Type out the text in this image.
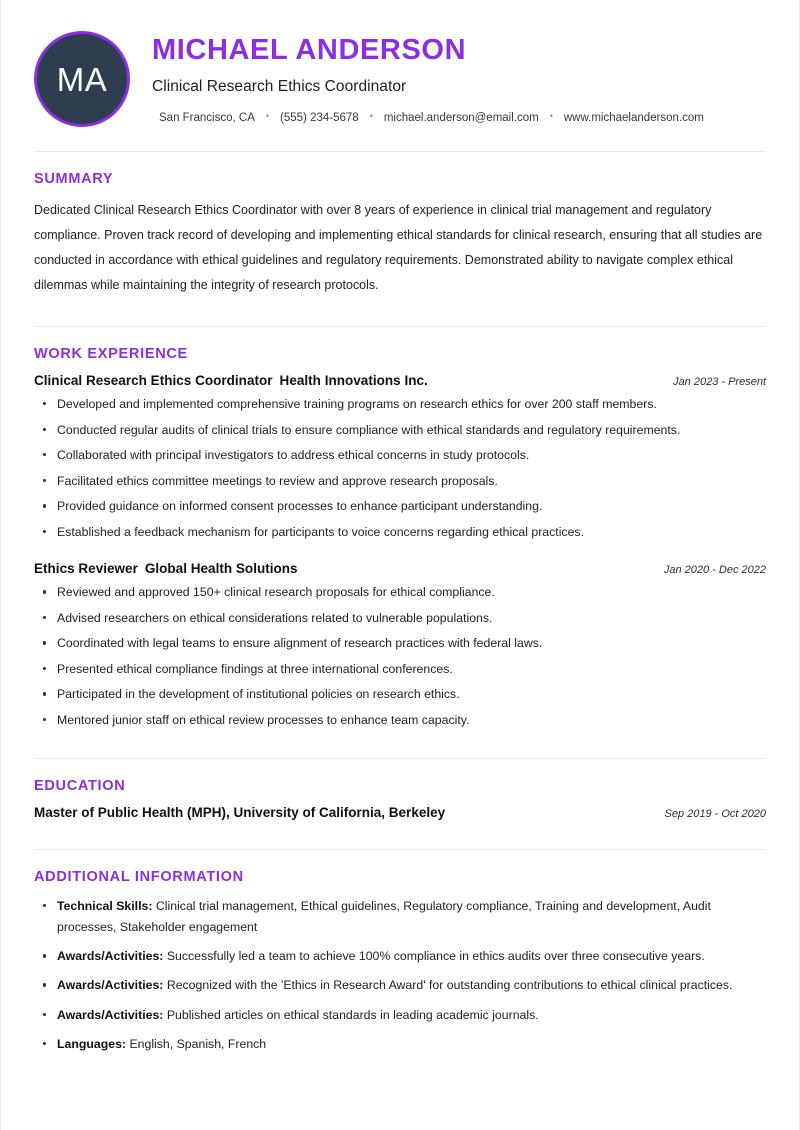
MA
MICHAEL ANDERSON
Clinical Research Ethics Coordinator
San Francisco, CA • (555) 234-5678 • michael.anderson@email.com • www.michaelanderson.com
SUMMARY
Dedicated Clinical Research Ethics Coordinator with over 8 years of experience in clinical trial management and regulatory compliance. Proven track record of developing and implementing ethical standards for clinical research, ensuring that all studies are conducted in accordance with ethical guidelines and regulatory requirements. Demonstrated ability to navigate complex ethical dilemmas while maintaining the integrity of research protocols.
WORK EXPERIENCE
Clinical Research Ethics Coordinator Health Innovations Inc.	Jan 2023 - Present
Developed and implemented comprehensive training programs on research ethics for over 200 staff members.
Conducted regular audits of clinical trials to ensure compliance with ethical standards and regulatory requirements.
Collaborated with principal investigators to address ethical concerns in study protocols.
Facilitated ethics committee meetings to review and approve research proposals.
Provided guidance on informed consent processes to enhance participant understanding.
Established a feedback mechanism for participants to voice concerns regarding ethical practices.
Ethics Reviewer Global Health Solutions	Jan 2020 - Dec 2022
Reviewed and approved 150+ clinical research proposals for ethical compliance.
Advised researchers on ethical considerations related to vulnerable populations.
Coordinated with legal teams to ensure alignment of research practices with federal laws.
Presented ethical compliance findings at three international conferences.
Participated in the development of institutional policies on research ethics.
Mentored junior staff on ethical review processes to enhance team capacity.
EDUCATION
Master of Public Health (MPH), University of California, Berkeley	Sep 2019 - Oct 2020
ADDITIONAL INFORMATION
Technical Skills: Clinical trial management, Ethical guidelines, Regulatory compliance, Training and development, Audit processes, Stakeholder engagement
Awards/Activities: Successfully led a team to achieve 100% compliance in ethics audits over three consecutive years.
Awards/Activities: Recognized with the 'Ethics in Research Award' for outstanding contributions to ethical clinical practices.
Awards/Activities: Published articles on ethical standards in leading academic journals.
Languages: English, Spanish, French
